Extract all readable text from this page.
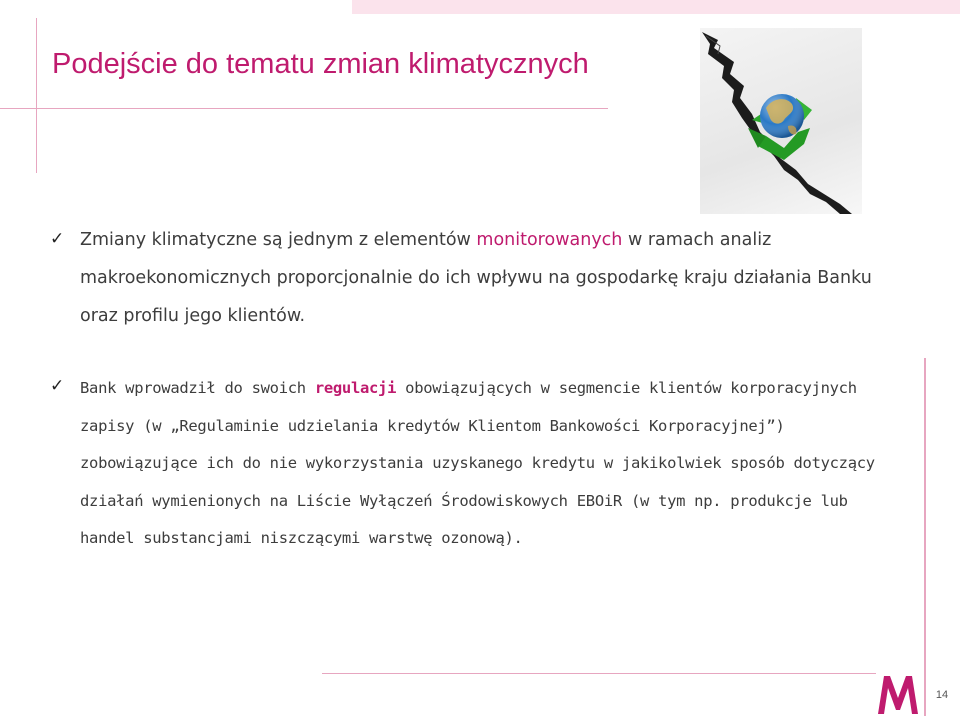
Podejście do tematu zmian klimatycznych
✓ Zmiany klimatyczne są jednym z elementów monitorowanych w ramach analiz makroekonomicznych proporcjonalnie do ich wpływu na gospodarkę kraju działania Banku oraz profilu jego klientów.
✓	Bank wprowadził do swoich regulacji obowiązujących w segmencie klientów korporacyjnych zapisy (w „Regulaminie udzielania kredytów Klientom Bankowości Korporacyjnej”) zobowiązujące ich do nie wykorzystania uzyskanego kredytu w jakikolwiek sposób dotyczący działań wymienionych na Liście Wyłączeń Środowiskowych EBOiR (w tym np. produkcje lub handel substancjami niszczącymi warstwę ozonową).
14
